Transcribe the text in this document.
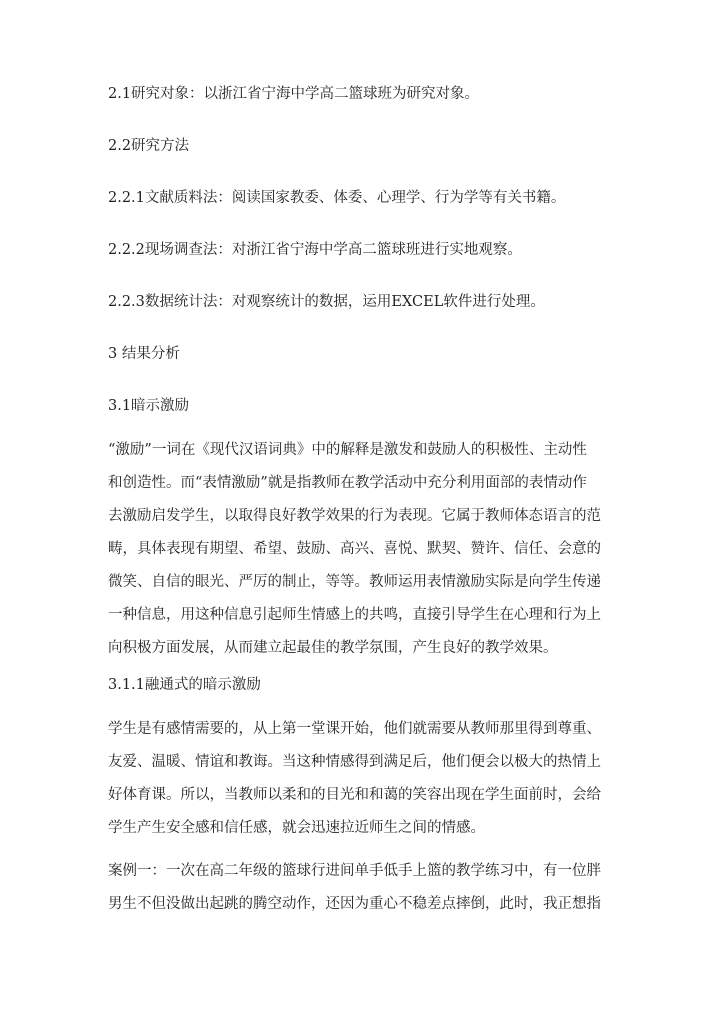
2.1研究对象：以浙江省宁海中学高二篮球班为研究对象。
2.2研究方法
2.2.1文献质料法：阅读国家教委、体委、心理学、行为学等有关书籍。
2.2.2现场调查法：对浙江省宁海中学高二篮球班进行实地观察。
2.2.3数据统计法：对观察统计的数据，运用EXCEL软件进行处理。
3 结果分析
3.1暗示激励
“激励”一词在《现代汉语词典》中的解释是激发和鼓励人的积极性、主动性
和创造性。而“表情激励”就是指教师在教学活动中充分利用面部的表情动作
去激励启发学生，以取得良好教学效果的行为表现。它属于教师体态语言的范
畴，具体表现有期望、希望、鼓励、高兴、喜悦、默契、赞许、信任、会意的
微笑、自信的眼光、严厉的制止，等等。教师运用表情激励实际是向学生传递
一种信息，用这种信息引起师生情感上的共鸣，直接引导学生在心理和行为上
向积极方面发展，从而建立起最佳的教学氛围，产生良好的教学效果。
3.1.1融通式的暗示激励
学生是有感情需要的，从上第一堂课开始，他们就需要从教师那里得到尊重、
友爱、温暖、情谊和教诲。当这种情感得到满足后，他们便会以极大的热情上
好体育课。所以，当教师以柔和的目光和和蔼的笑容出现在学生面前时，会给
学生产生安全感和信任感，就会迅速拉近师生之间的情感。
案例一：一次在高二年级的篮球行进间单手低手上篮的教学练习中，有一位胖
男生不但没做出起跳的腾空动作，还因为重心不稳差点摔倒，此时，我正想指
